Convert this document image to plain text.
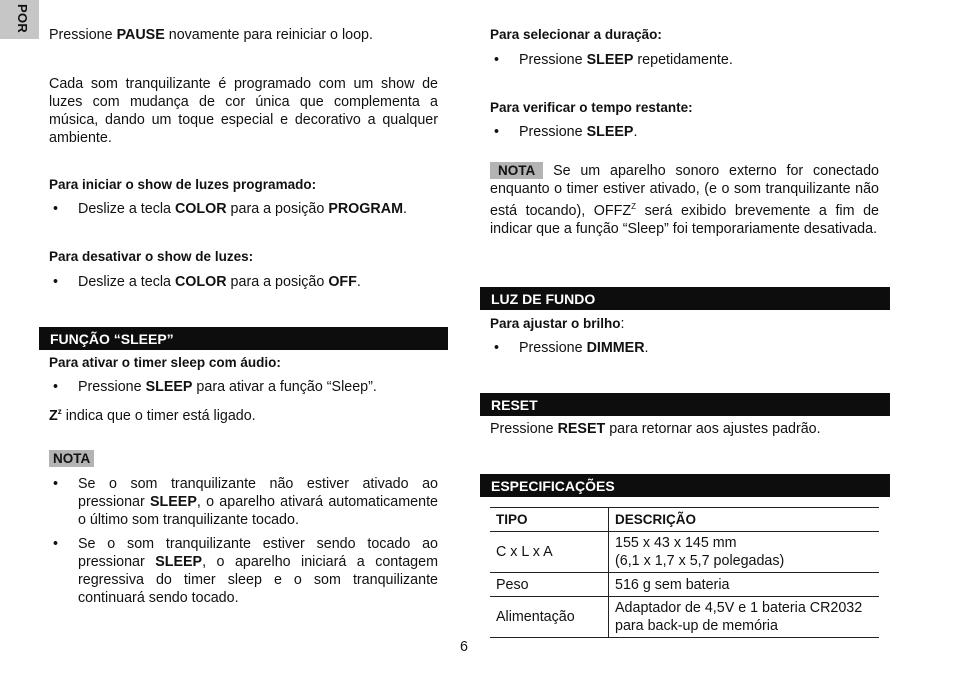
POR
Pressione PAUSE novamente para reiniciar o loop.
Cada som tranquilizante é programado com um show de luzes com mudança de cor única que complementa a música, dando um toque especial e decorativo a qualquer ambiente.
Para iniciar o show de luzes programado:
• Deslize a tecla COLOR para a posição PROGRAM.
Para desativar o show de luzes:
• Deslize a tecla COLOR para a posição OFF.
FUNÇÃO “SLEEP”
Para ativar o timer sleep com áudio:
• Pressione SLEEP para ativar a função “Sleep”.
$Z^z$ indica que o timer está ligado.
NOTA
• Se o som tranquilizante não estiver ativado ao pressionar SLEEP, o aparelho ativará automaticamente o último som tranquilizante tocado.
• Se o som tranquilizante estiver sendo tocado ao pressionar SLEEP, o aparelho iniciará a contagem regressiva do timer sleep e o som tranquilizante continuará sendo tocado.
Para selecionar a duração:
• Pressione SLEEP repetidamente.
Para verificar o tempo restante:
• Pressione SLEEP.
NOTA Se um aparelho sonoro externo for conectado enquanto o timer estiver ativado, (e o som tranquilizante não está tocando), $OFFZ^Z$ será exibido brevemente a fim de indicar que a função “Sleep” foi temporariamente desativada.
LUZ DE FUNDO
Para ajustar o brilho:
• Pressione DIMMER.
RESET
Pressione RESET para retornar aos ajustes padrão.
ESPECIFICAÇÕES
TIPO	DESCRIÇÃO
C x L x A	155 x 43 x 145 mm
(6,1 x 1,7 x 5,7 polegadas)

Peso	516 g sem bateria
Alimentação	Adaptador de 4,5V e 1 bateria CR2032
para back-up de memória
6
